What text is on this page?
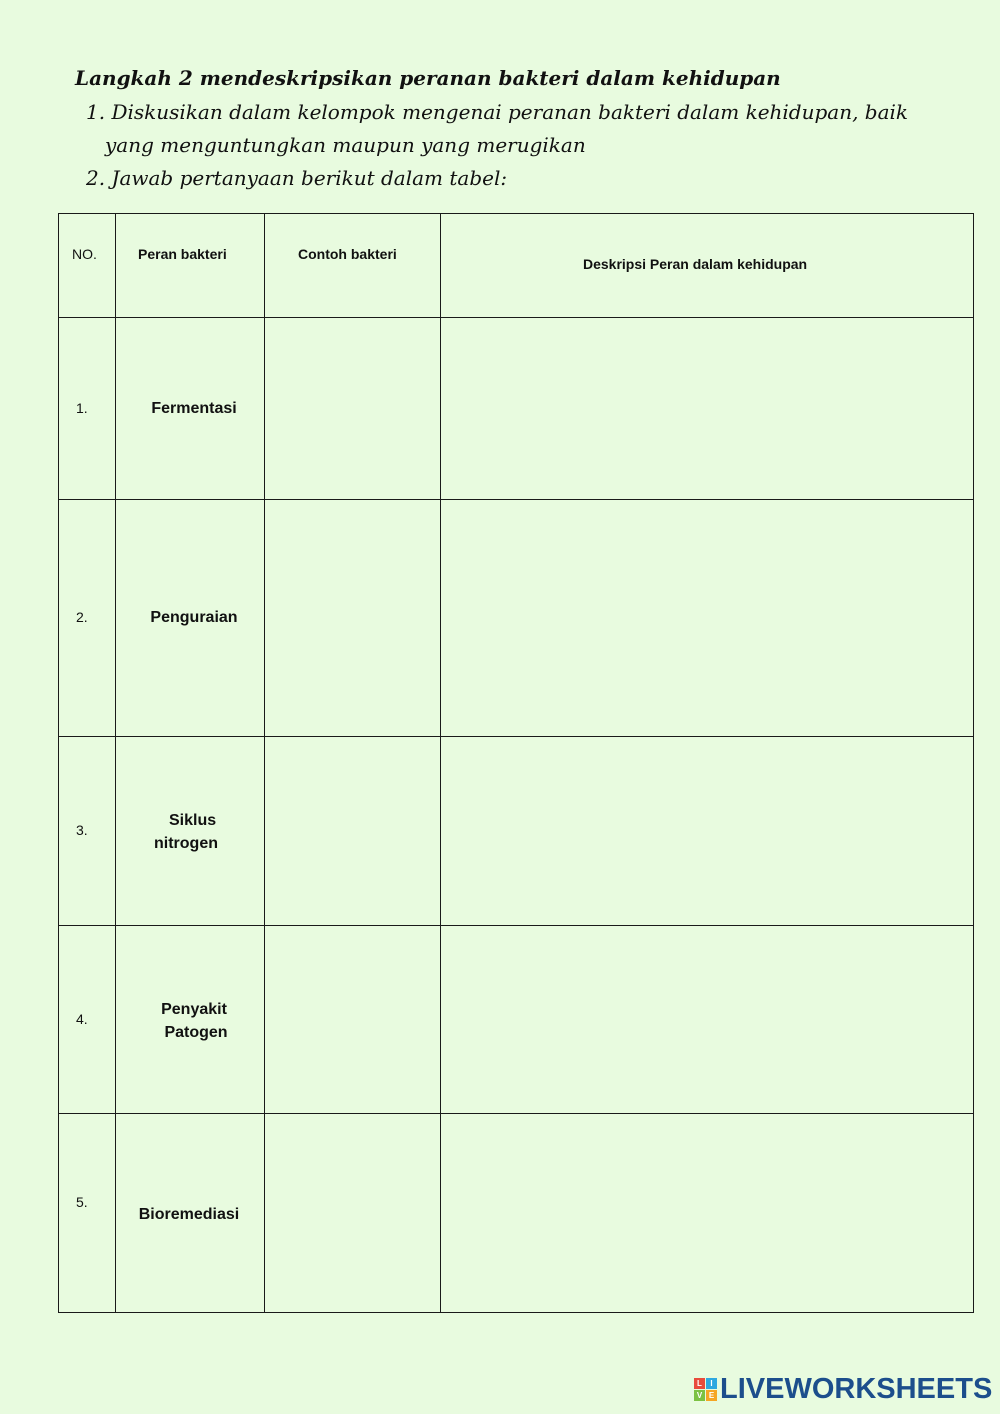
Langkah 2 mendeskripsikan peranan bakteri dalam kehidupan
1. Diskusikan dalam kelompok mengenai peranan bakteri dalam kehidupan, baik
yang menguntungkan maupun yang merugikan
2. Jawab pertanyaan berikut dalam tabel:
NO.	Peran bakteri	Contoh bakteri	Deskripsi Peran dalam kehidupan

1.	Fermentasi		

2.	Penguraian		

3.	Siklus
nitrogen		

4.	Penyakit
Patogen		

5.	Bioremediasi		

L	I
V E LIVEWORKSHEETS
